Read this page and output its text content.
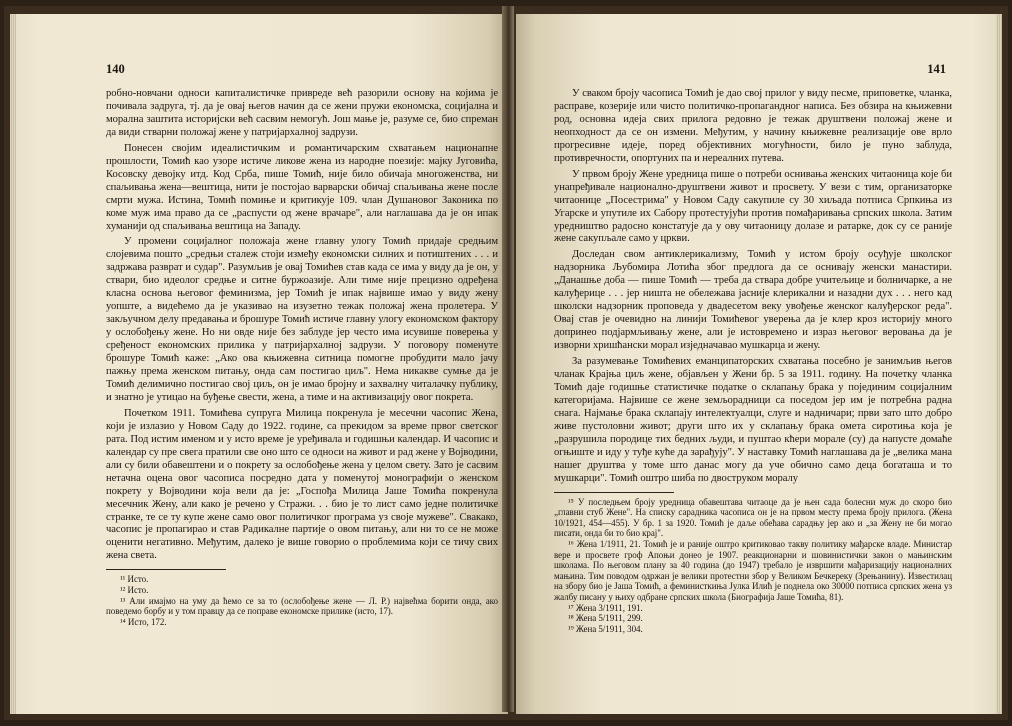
140

робно-новчани односи капиталистичке привреде већ разорили основу на којима је почивала задруга, тј. да је овај његов начин да се жени пружи економска, социјална и морална заштита историјски већ сасвим немогућ. Још мање је, разуме се, био спреман да види стварни положај жене у патријархалној задрузи.

Понесен својим идеалистичким и романтичарским схватањем национапне прошлости, Томић као узоре истиче ликове жена из народне поезије: мајку Југовића, Косовску девојку итд. Код Срба, пише Томић, није било обичаја многоженства, ни спаљивања жена—вештица, нити је постојао варварски обичај спаљивања жене после смрти мужа. Истина, Томић помиње и критикује 109. члан Душановог Законика по коме муж има право да се „распусти од жене врачаре", али наглашава да је он ипак хуманији од спаљивања вештица на Западу.

У промени социјалног положаја жене главну улогу Томић придаје средњим слојевима пошто „средњи сталеж стоји између економски силних и потиштених . . . и задржава разврат и судар". Разумљив је овај Томићев став када се има у виду да је он, у ствари, био идеолог средње и ситне буржоазије. Али тиме није прецизно одређена класна основа његовог феминизма, јер Томић је ипак највише имао у виду жену уопште, а видећемо да је указивао на изузетно тежак положај жена пролетера. У закључном делу предавања и брошуре Томић истиче главну улогу економском фактору у ослобођењу жене. Но ни овде није без заблуде јер често има исувише поверења у сређеност економских прилика у патријархалној задрузи. У поговору поменуте брошуре Томић каже: „Ако ова књижевна ситница помогне пробудити мало јачу пажњу према женском питању, онда сам постигао циљ". Нема никакве сумње да је Томић делимично постигао свој циљ, он је имао бројну и захвалну читалачку публику, и знатно је утицао на буђење свести, жена, а тиме и на активизацију овог покрета.

Почетком 1911. Томићева супруга Милица покренула је месечни часопис Жена, који је излазио у Новом Саду до 1922. године, са прекидом за време првог светског рата. Под истим именом и у исто време је уређивала и годишњи календар. И часопис и календар су пре свега пратили све оно што се односи на живот и рад жене у Војводини, али су били обавештени и о покрету за ослобођење жена у целом свету. Зато је сасвим нетачна оцена овог часописа посредно дата у поменутој монографији о женском покрету у Војводини која вели да је: „Госпођа Милица Јаше Томића покренула месечник Жену, али како је речено у Стражи. . . био је то лист само једне политичке странке, те се ту купе жене само овог политичког програма уз своје мужеве". Свакако, часопис је пропагирао и став Радикалне партије о овом питању, али ни то се не може оценити негативно. Међутим, далеко је више говорио о проблемима који се тичу свих жена света.

¹¹ Исто.

¹² Исто.

¹³ Али имајмо на уму да ћемо се за то (ослобођење жене — Л. Р.) највећма борити онда, ако поведемо борбу и у том правцу да се поправе економске прилике (исто, 17).

¹⁴ Исто, 172.

141

У сваком броју часописа Томић је дао свој прилог у виду песме, приповетке, чланка, расправе, козерије или чисто политичко-пропагандног написа. Без обзира на књижевни род, основна идеја свих прилога редовно је тежак друштвени положај жене и неопходност да се он измени. Међутим, у начину књижевне реализације ове врло прогресивне идеје, поред објективних могућности, било је пуно заблуда, противречности, опортуних па и нереалних путева.

У првом броју Жене уредница пише о потреби оснивања женских читаоница које би унапређивале национално-друштвени живот и просвету. У вези с тим, организаторке читаонице „Посестрима" у Новом Саду сакупиле су 30 хиљада потписа Српкиња из Угарске и упутиле их Сабору протестујући против помађаривања српских школа. Затим уредништво радосно констатује да у ову читаоницу долазе и ратарке, док су се раније жене сакупљале само у цркви.

Доследан свом антиклерикализму, Томић у истом броју осуђује школског надзорника Љубомира Лотића због предлога да се оснивају женски манастири. „Данашње доба — пише Томић — треба да ствара добре учитељице и болничарке, а не калуђерице . . . јер ништа не обележава јасније клерикални и назадни дух . . . него кад школски надзорник проповеда у двадесетом веку увођење женског калуђерског реда". Овај став је очевидно на линији Томићевог уверења да је клер кроз историју много допринео подјармљивању жене, али је истовремено и израз његовог веровања да је изворни хришћански морал изједначавао мушкарца и жену.

За разумевање Томићевих еманципаторских схватања посебно је занимљив његов чланак Крајња циљ жене, објављен у Жени бр. 5 за 1911. годину. На почетку чланка Томић даје годишње статистичке податке о склапању брака у појединим социјалним категоријама. Највише се жене земљорадници са поседом јер им је потребна радна снага. Најмање брака склапају интелектуалци, слуге и надничари; први зато што добро живе пустоловни живот; други што их у склапању брака омета сиротиња која је „разрушила породице тих бедних људи, и пуштао кћери морале (су) да напусте домаће огњиште и иду у туђе куће да зарађују". У наставку Томић наглашава да је „велика мана нашег друштва у томе што данас могу да уче обично само деца богаташа и то мушкарци". Томић оштро шиба по двоструком моралу

¹⁵ У последњем броју уредница обавештава читаоце да је њен сада болесни муж до скоро био „главни стуб Жене". На списку сарадника часописа он је на првом месту према броју прилога. (Жена 10/1921, 454—455). У бр. 1 за 1920. Томић је даље обећава сарадњу јер ако и „за Жену не би могао писати, онда би то био крај".

¹⁶ Жена 1/1911, 21. Томић је и раније оштро критиковао такву политику мађарске владе. Министар вере и просвете гроф Апоњи донео је 1907. реакционарни и шовинистички закон о мањинским школама. По његовом плану за 40 година (до 1947) требало је извршити мађаризацију националних мањина. Тим поводом одржан је велики протестни збор у Великом Бечкереку (Зрењанину). Известилац на збору био је Јаша Томић, а феминисткиња Јулка Илић је поднела око 30000 потписа српских жена уз жалбу писану у њиху одбране српских школа (Биографија Јаше Томића, 81).

¹⁷ Жена 3/1911, 191.

¹⁸ Жена 5/1911, 299.

¹⁹ Жена 5/1911, 304.
